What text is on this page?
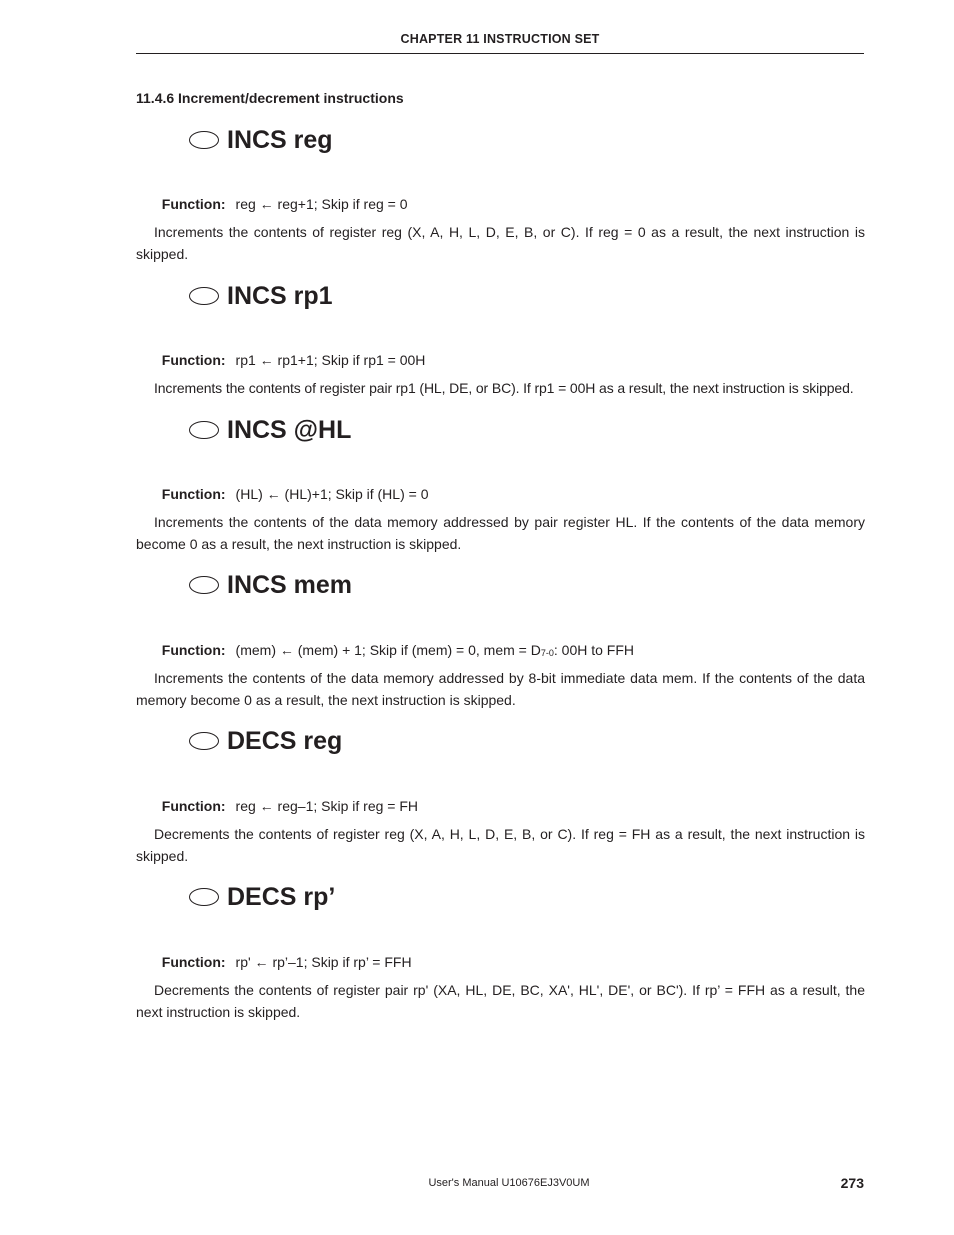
CHAPTER 11 INSTRUCTION SET
11.4.6 Increment/decrement instructions
INCS reg

Function: reg ← reg+1; Skip if reg = 0

Increments the contents of register reg (X, A, H, L, D, E, B, or C). If reg = 0 as a result, the next instruction is skipped.
INCS rp1

Function: rp1 ← rp1+1; Skip if rp1 = 00H

Increments the contents of register pair rp1 (HL, DE, or BC). If rp1 = 00H as a result, the next instruction is skipped.
INCS @HL

Function: (HL) ← (HL)+1; Skip if (HL) = 0

Increments the contents of the data memory addressed by pair register HL. If the contents of the data memory become 0 as a result, the next instruction is skipped.
INCS mem

Function: (mem) ← (mem) + 1; Skip if (mem) = 0, mem = D7-0: 00H to FFH

Increments the contents of the data memory addressed by 8-bit immediate data mem. If the contents of the data memory become 0 as a result, the next instruction is skipped.
DECS reg

Function: reg ← reg–1; Skip if reg = FH

Decrements the contents of register reg (X, A, H, L, D, E, B, or C). If reg = FH as a result, the next instruction is skipped.
DECS rp’

Function: rp' ← rp’–1; Skip if rp’ = FFH

Decrements the contents of register pair rp' (XA, HL, DE, BC, XA', HL', DE', or BC'). If rp’ = FFH as a result, the next instruction is skipped.
User's Manual U10676EJ3V0UM	273
